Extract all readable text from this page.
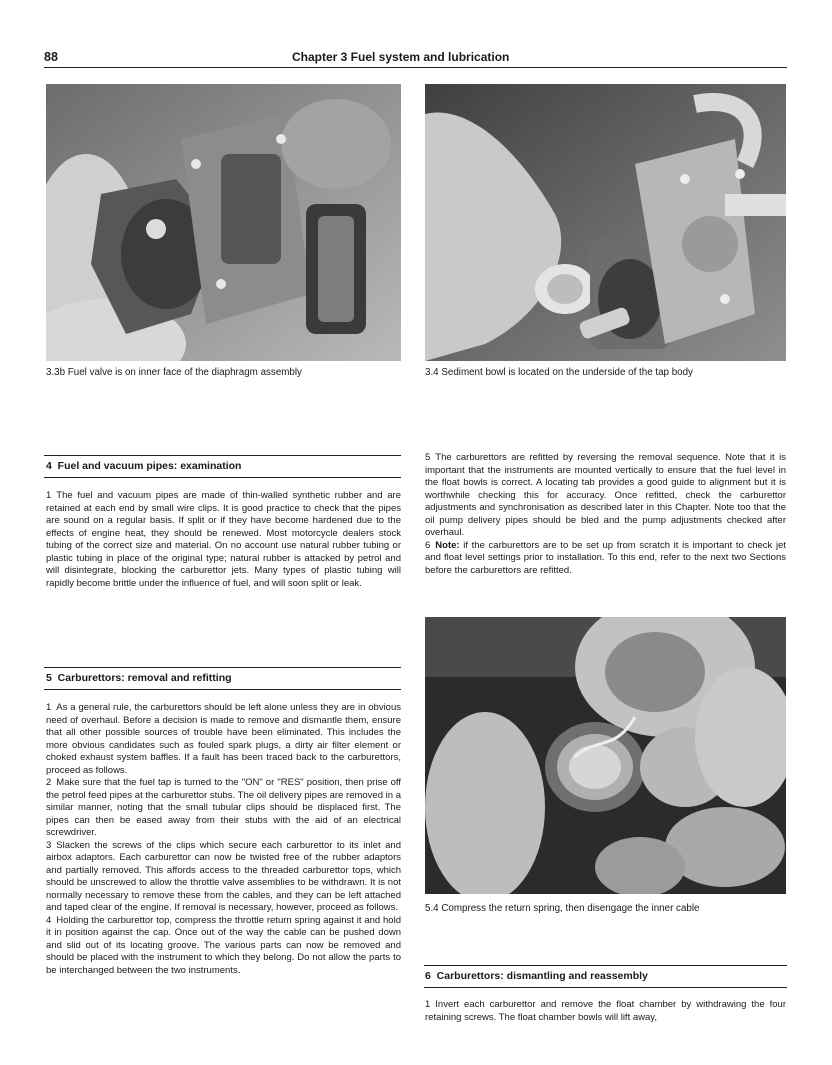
88	Chapter 3 Fuel system and lubrication
3.3b Fuel valve is on inner face of the diaphragm assembly	3.4 Sediment bowl is located on the underside of the tap body
4  Fuel and vacuum pipes: examination

1 The fuel and vacuum pipes are made of thin-walled synthetic rubber and are retained at each end by small wire clips. It is good practice to check that the pipes are sound on a regular basis. If split or if they have become hardened due to the effects of engine heat, they should be renewed. Most motorcycle dealers stock tubing of the correct size and material. On no account use natural rubber tubing or plastic tubing in place of the original type; natural rubber is attacked by petrol and will disintegrate, blocking the carburettor jets. Many types of plastic tubing will rapidly become brittle under the influence of fuel, and will soon split or leak.

5  Carburettors: removal and refitting

1 As a general rule, the carburettors should be left alone unless they are in obvious need of overhaul. Before a decision is made to remove and dismantle them, ensure that all other possible sources of trouble have been eliminated. This includes the more obvious candidates such as fouled spark plugs, a dirty air filter element or choked exhaust system baffles. If a fault has been traced back to the carburettors, proceed as follows.

2 Make sure that the fuel tap is turned to the "ON" or "RES" position, then prise off the petrol feed pipes at the carburettor stubs. The oil delivery pipes are removed in a similar manner, noting that the small tubular clips should be displaced first. The pipes can then be eased away from their stubs with the aid of an electrical screwdriver.

3 Slacken the screws of the clips which secure each carburettor to its inlet and airbox adaptors. Each carburettor can now be twisted free of the rubber adaptors and partially removed. This affords access to the threaded carburettor tops, which should be unscrewed to allow the throttle valve assemblies to be withdrawn. It is not normally necessary to remove these from the cables, and they can be left attached and taped clear of the engine. If removal is necessary, however, proceed as follows.

4 Holding the carburettor top, compress the throttle return spring against it and hold it in position against the cap. Once out of the way the cable can be pushed down and slid out of its locating groove. The various parts can now be removed and should be placed with the instrument to which they belong. Do not allow the parts to be interchanged between the two instruments.

5 The carburettors are refitted by reversing the removal sequence. Note that it is important that the instruments are mounted vertically to ensure that the fuel level in the float bowls is correct. A locating tab provides a good guide to alignment but it is worthwhile checking this for accuracy. Once refitted, check the carburettor adjustments and synchronisation as described later in this Chapter. Note too that the oil pump delivery pipes should be bled and the pump adjustments checked after overhaul.

6 Note: if the carburettors are to be set up from scratch it is important to check jet and float level settings prior to installation. To this end, refer to the next two Sections before the carburettors are refitted.

5.4 Compress the return spring, then disengage the inner cable
6  Carburettors: dismantling and reassembly

1 Invert each carburettor and remove the float chamber by withdrawing the four retaining screws. The float chamber bowls will lift away,
